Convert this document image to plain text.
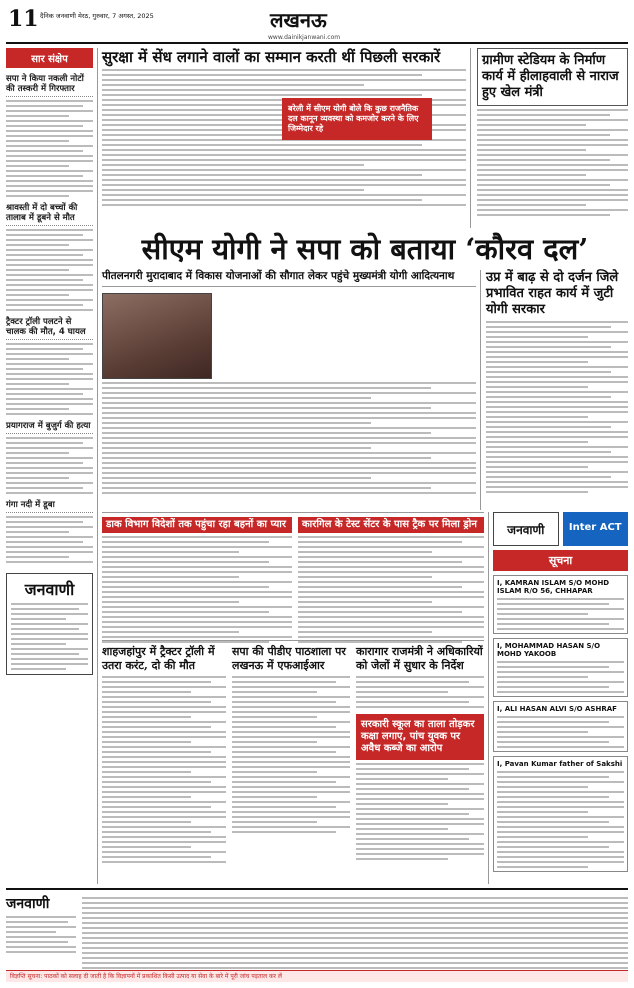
11 दैनिक जनवाणी मेरठ, गुरुवार, 7 अगस्त, 2025	लखनऊ
www.dainikjanwani.com
सार संक्षेप
सपा ने किया नकली नोटों की तस्करी में गिरफ्तार
श्रावस्ती में दो बच्चों की तालाब में डूबने से मौत
ट्रैक्टर ट्रॉली पलटने से चालक की मौत, 4 घायल
प्रयागराज में बुजुर्ग की हत्या
गंगा नदी में डूबा
जनवाणी
सुरक्षा में सेंध लगाने वालों का सम्मान करती थीं पिछली सरकारें
बरेली में सीएम योगी बोले कि कुछ राजनैतिक दल कानून व्यवस्था को कमजोर करने के लिए जिम्मेदार रहे
ग्रामीण स्टेडियम के निर्माण कार्य में हीलाहवाली से नाराज हुए खेल मंत्री
सीएम योगी ने सपा को बताया ‘कौरव दल’
पीतलनगरी मुरादाबाद में विकास योजनाओं की सौगात लेकर पहुंचे मुख्यमंत्री योगी आदित्यनाथ	उप्र में बाढ़ से दो दर्जन जिले प्रभावित राहत कार्य में जुटी योगी सरकार
डाक विभाग विदेशों तक पहुंचा रहा बहनों का प्यार	कारगिल के टेस्ट सेंटर के पास ट्रैक पर मिला ड्रोन
शाहजहांपुर में ट्रैक्टर ट्रॉली में उतरा करंट, दो की मौत
सपा की पीडीए पाठशाला पर लखनऊ में एफआईआर
कारागार राजमंत्री ने अधिकारियों को जेलों में सुधार के निर्देश
सरकारी स्कूल का ताला तोड़कर कक्षा लगाए, पांच युवक पर अवैध कब्जे का आरोप
जनवाणी	Inter ACT
सूचना
I, KAMRAN ISLAM S/O MOHD ISLAM R/O 56, CHHAPAR
I, MOHAMMAD HASAN S/O MOHD YAKOOB
I, ALI HASAN ALVI S/O ASHRAF
I, Pavan Kumar father of Sakshi
जनवाणी
विज्ञप्ति सूचना: पाठकों को सलाह दी जाती है कि विज्ञापनों में प्रकाशित किसी उत्पाद या सेवा के बारे में पूरी जांच पड़ताल कर लें
